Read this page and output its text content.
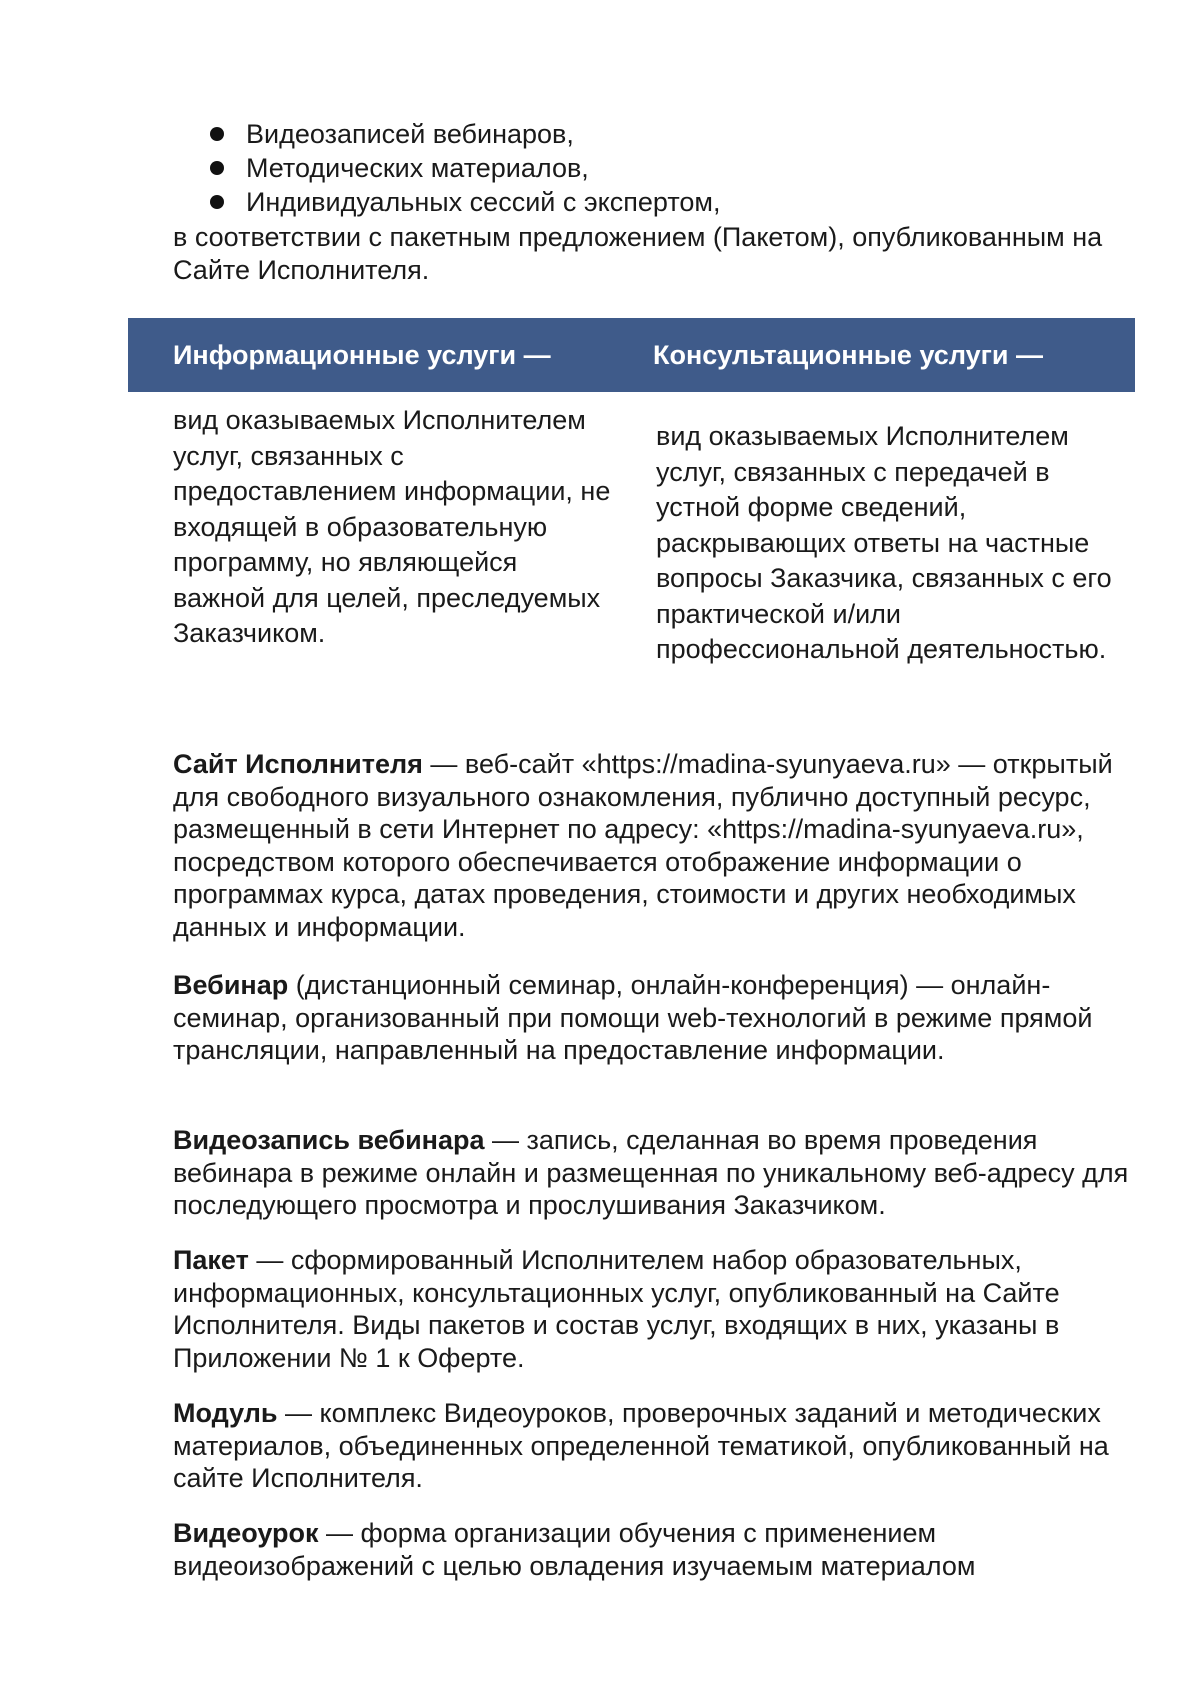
Видеозаписей вебинаров,
Методических материалов,
Индивидуальных сессий с экспертом,

в соответствии с пакетным предложением (Пакетом), опубликованным на Сайте Исполнителя.

Информационные услуги —	Консультационные услуги —

вид оказываемых Исполнителем услуг, связанных с предоставлением информации, не входящей в образовательную программу, но являющейся важной для целей, преследуемых Заказчиком.

вид оказываемых Исполнителем услуг, связанных с передачей в устной форме сведений, раскрывающих ответы на частные вопросы Заказчика, связанных с его практической и/или профессиональной деятельностью.

Сайт Исполнителя — веб-сайт «https://madina-syunyaeva.ru» — открытый для свободного визуального ознакомления, публично доступный ресурс, размещенный в сети Интернет по адресу: «https://madina-syunyaeva.ru», посредством которого обеспечивается отображение информации о программах курса, датах проведения, стоимости и других необходимых данных и информации.

Вебинар (дистанционный семинар, онлайн-конференция) — онлайн-семинар, организованный при помощи web-технологий в режиме прямой трансляции, направленный на предоставление информации.

Видеозапись вебинара — запись, сделанная во время проведения вебинара в режиме онлайн и размещенная по уникальному веб-адресу для последующего просмотра и прослушивания Заказчиком.

Пакет — сформированный Исполнителем набор образовательных, информационных, консультационных услуг, опубликованный на Сайте Исполнителя. Виды пакетов и состав услуг, входящих в них, указаны в Приложении № 1 к Оферте.

Модуль — комплекс Видеоуроков, проверочных заданий и методических материалов, объединенных определенной тематикой, опубликованный на сайте Исполнителя.

Видеоурок — форма организации обучения с применением видеоизображений с целью овладения изучаемым материалом
